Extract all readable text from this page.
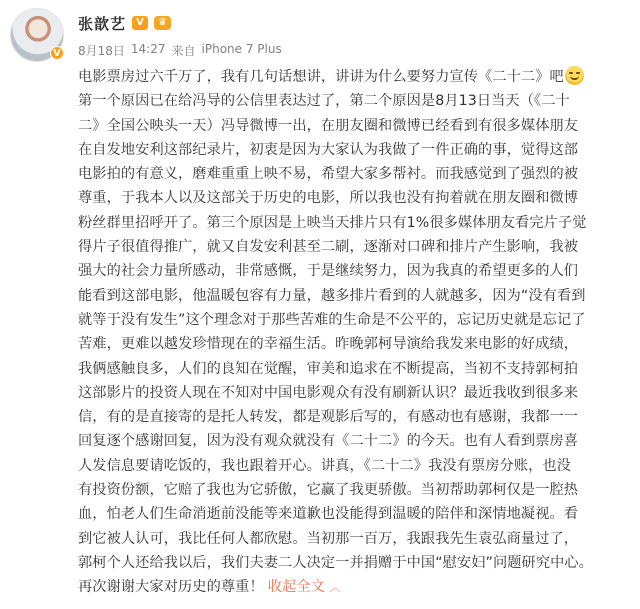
V
张歆艺	V	♛
8月18日 14:27 来自 iPhone 7 Plus
电影票房过六千万了，我有几句话想讲，讲讲为什么要努力宣传《二十二》吧
第一个原因已在给冯导的公信里表达过了，第二个原因是8月13日当天（《二十
二》全国公映头一天）冯导微博一出，在朋友圈和微博已经看到有很多媒体朋友
在自发地安利这部纪录片，初衷是因为大家认为我做了一件正确的事，觉得这部
电影拍的有意义，磨难重重上映不易，希望大家多帮衬。而我感觉到了强烈的被
尊重，于我本人以及这部关于历史的电影，所以我也没有拘着就在朋友圈和微博
粉丝群里招呼开了。第三个原因是上映当天排片只有1%很多媒体朋友看完片子觉
得片子很值得推广，就又自发安利甚至二刷，逐渐对口碑和排片产生影响，我被
强大的社会力量所感动，非常感慨，于是继续努力，因为我真的希望更多的人们
能看到这部电影，他温暖包容有力量，越多排片看到的人就越多，因为“没有看到
就等于没有发生”这个理念对于那些苦难的生命是不公平的，忘记历史就是忘记了
苦难，更难以越发珍惜现在的幸福生活。昨晚郭柯导演给我发来电影的好成绩，
我俩感触良多，人们的良知在觉醒，审美和追求在不断提高，当初不支持郭柯拍
这部影片的投资人现在不知对中国电影观众有没有刷新认识？最近我收到很多来
信，有的是直接寄的是托人转发，都是观影后写的，有感动也有感谢，我都一一
回复逐个感谢回复，因为没有观众就没有《二十二》的今天。也有人看到票房喜
人发信息要请吃饭的，我也跟着开心。讲真，《二十二》我没有票房分账，也没
有投资份额，它赔了我也为它骄傲，它赢了我更骄傲。当初帮助郭柯仅是一腔热
血，怕老人们生命消逝前没能等来道歉也没能得到温暖的陪伴和深情地凝视。看
到它被人认可，我比任何人都欣慰。当初那一百万，我跟我先生袁弘商量过了，
郭柯个人还给我以后，我们夫妻二人决定一并捐赠于中国“慰安妇”问题研究中心。
再次谢谢大家对历史的尊重！ 收起全文 ︿
